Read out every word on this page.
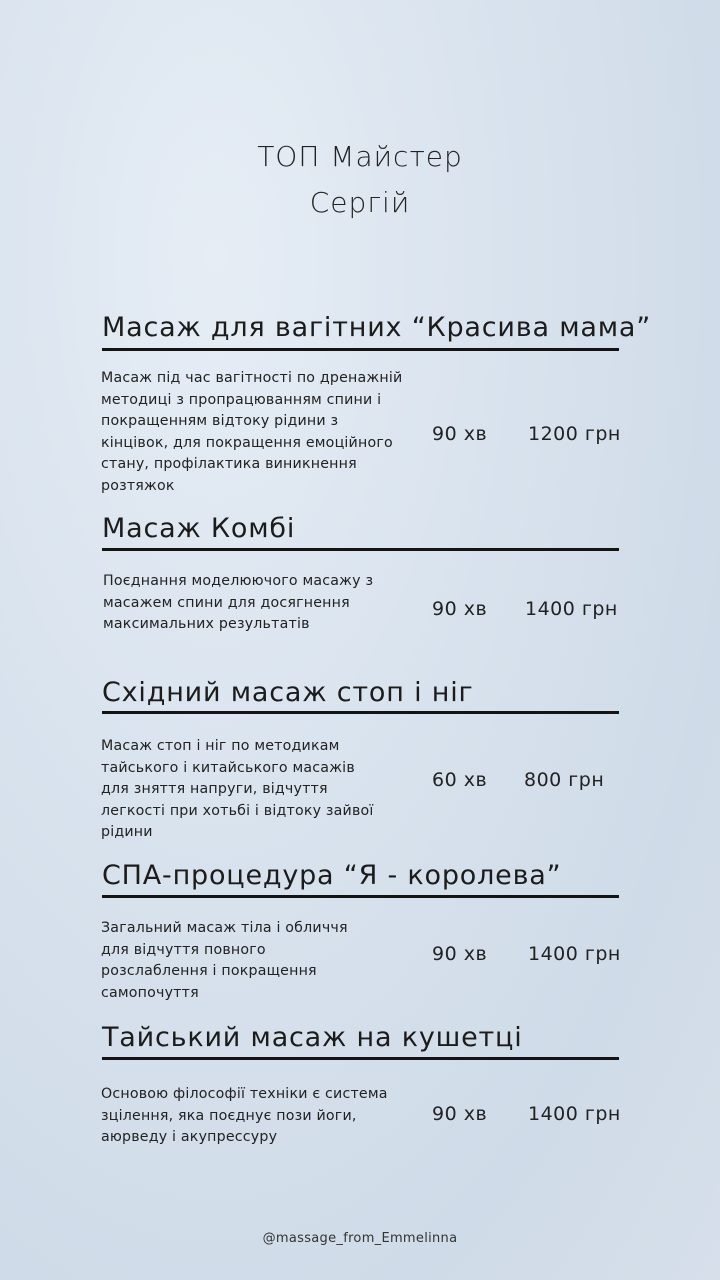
ТОП Майстер
Сергій
Масаж для вагітних “Красива мама”
Масаж під час вагітності по дренажній методиці з пропрацюванням спини і покращенням відтоку рідини з кінцівок, для покращення емоційного стану, профілактика виникнення розтяжок
90 хв 1200 грн
Масаж Комбі
Поєднання моделюючого масажу з масажем спини для досягнення максимальних результатів
90 хв 1400 грн
Східний масаж стоп і ніг
Масаж стоп і ніг по методикам тайського і китайського масажів для зняття напруги, відчуття легкості при хотьбі і відтоку зайвої рідини
60 хв 800 грн
СПА-процедура “Я - королева”
Загальний масаж тіла і обличчя для відчуття повного розслаблення і покращення самопочуття
90 хв 1400 грн
Тайський масаж на кушетці
Основою філософії техніки є система зцілення, яка поєднує пози йоги, аюрведу і акупрессуру
90 хв 1400 грн
@massage_from_Emmelinna
